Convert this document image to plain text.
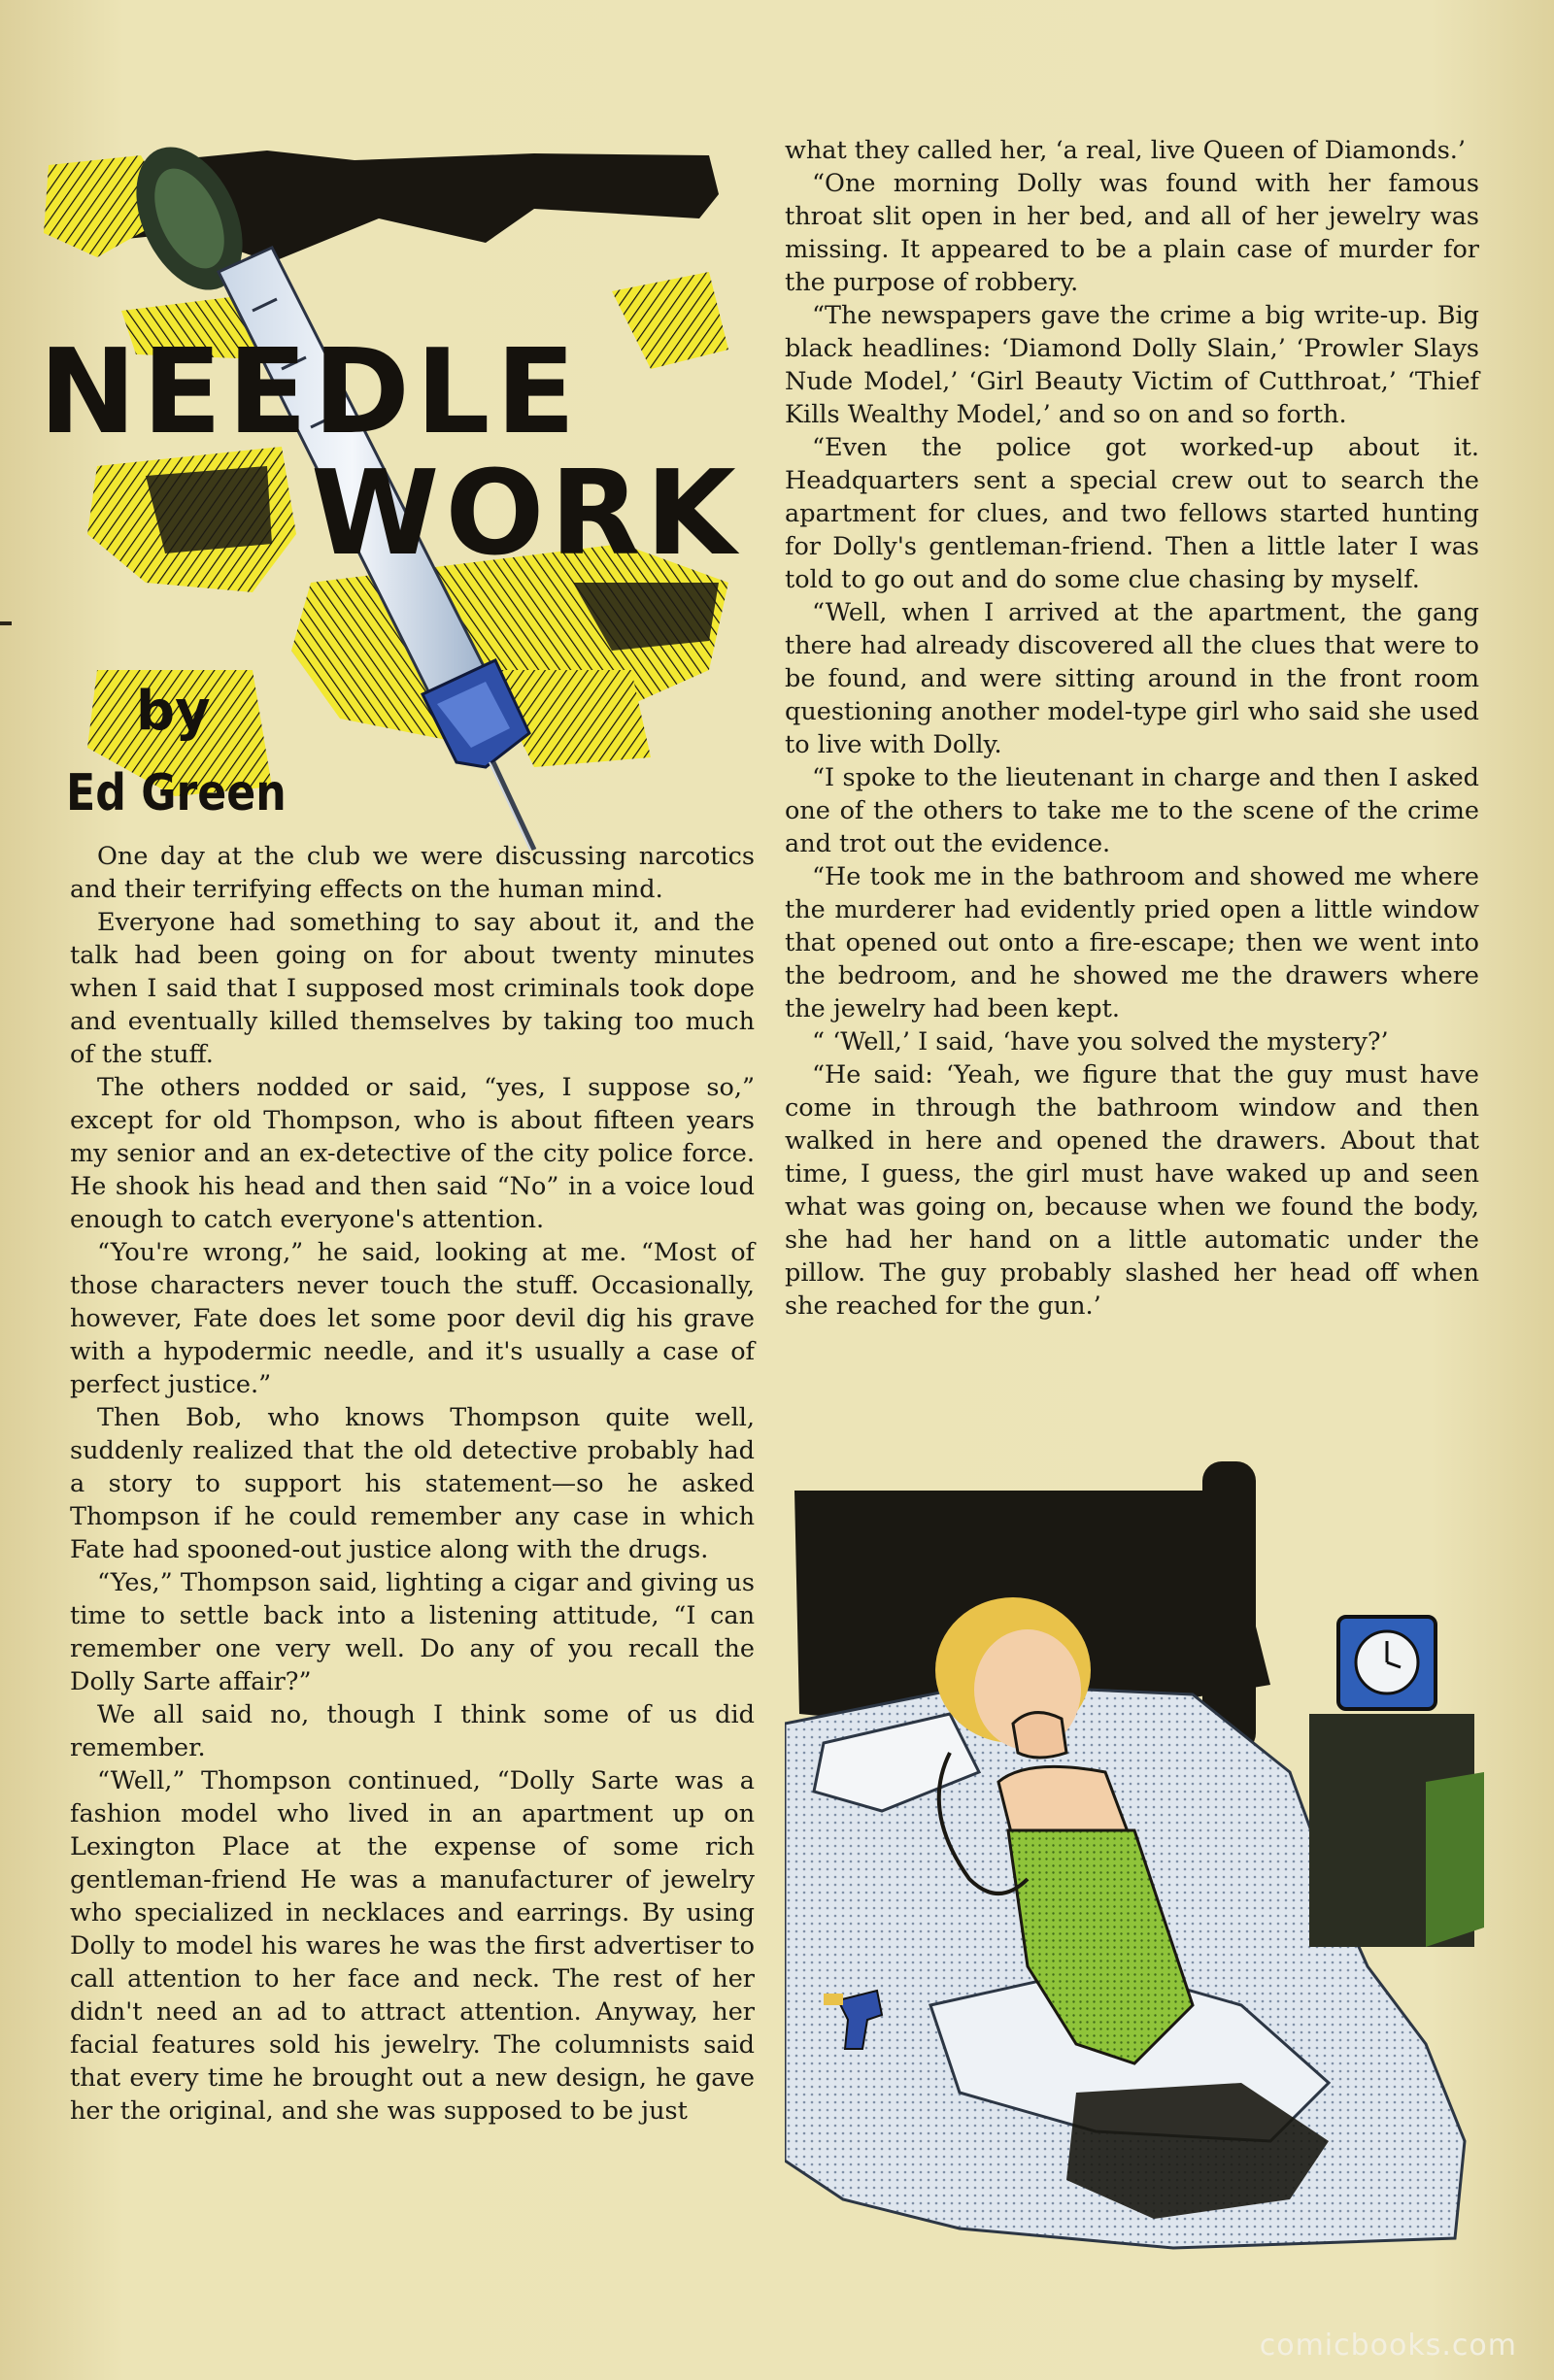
NEEDLE
WORK
by
Ed Green

One day at the club we were discussing narcotics and their terrifying effects on the human mind.

Everyone had something to say about it, and the talk had been going on for about twenty minutes when I said that I supposed most criminals took dope and eventually killed themselves by taking too much of the stuff.

The others nodded or said, “yes, I suppose so,” except for old Thompson, who is about fifteen years my senior and an ex-detective of the city police force. He shook his head and then said “No” in a voice loud enough to catch everyone's attention.

“You're wrong,” he said, looking at me. “Most of those characters never touch the stuff. Occasionally, however, Fate does let some poor devil dig his grave with a hypodermic needle, and it's usually a case of perfect justice.”

Then Bob, who knows Thompson quite well, suddenly realized that the old detective probably had a story to support his statement—so he asked Thompson if he could remember any case in which Fate had spooned-out justice along with the drugs.

“Yes,” Thompson said, lighting a cigar and giving us time to settle back into a listening attitude, “I can remember one very well. Do any of you recall the Dolly Sarte affair?”

We all said no, though I think some of us did remember.

“Well,” Thompson continued, “Dolly Sarte was a fashion model who lived in an apartment up on Lexington Place at the expense of some rich gentleman-friend He was a manufacturer of jewelry who specialized in necklaces and earrings. By using Dolly to model his wares he was the first advertiser to call attention to her face and neck. The rest of her didn't need an ad to attract attention. Anyway, her facial features sold his jewelry. The columnists said that every time he brought out a new design, he gave her the original, and she was supposed to be just

what they called her, ‘a real, live Queen of Diamonds.’

“One morning Dolly was found with her famous throat slit open in her bed, and all of her jewelry was missing. It appeared to be a plain case of murder for the purpose of robbery.

“The newspapers gave the crime a big write-up. Big black headlines: ‘Diamond Dolly Slain,’ ‘Prowler Slays Nude Model,’ ‘Girl Beauty Victim of Cutthroat,’ ‘Thief Kills Wealthy Model,’ and so on and so forth.

“Even the police got worked-up about it. Headquarters sent a special crew out to search the apartment for clues, and two fellows started hunting for Dolly's gentleman-friend. Then a little later I was told to go out and do some clue chasing by myself.

“Well, when I arrived at the apartment, the gang there had already discovered all the clues that were to be found, and were sitting around in the front room questioning another model-type girl who said she used to live with Dolly.

“I spoke to the lieutenant in charge and then I asked one of the others to take me to the scene of the crime and trot out the evidence.

“He took me in the bathroom and showed me where the murderer had evidently pried open a little window that opened out onto a fire-escape; then we went into the bedroom, and he showed me the drawers where the jewelry had been kept.

“ ‘Well,’ I said, ‘have you solved the mystery?’

“He said: ‘Yeah, we figure that the guy must have come in through the bathroom window and then walked in here and opened the drawers. About that time, I guess, the girl must have waked up and seen what was going on, because when we found the body, she had her hand on a little automatic under the pillow. The guy probably slashed her head off when she reached for the gun.’

comicbooks.com
